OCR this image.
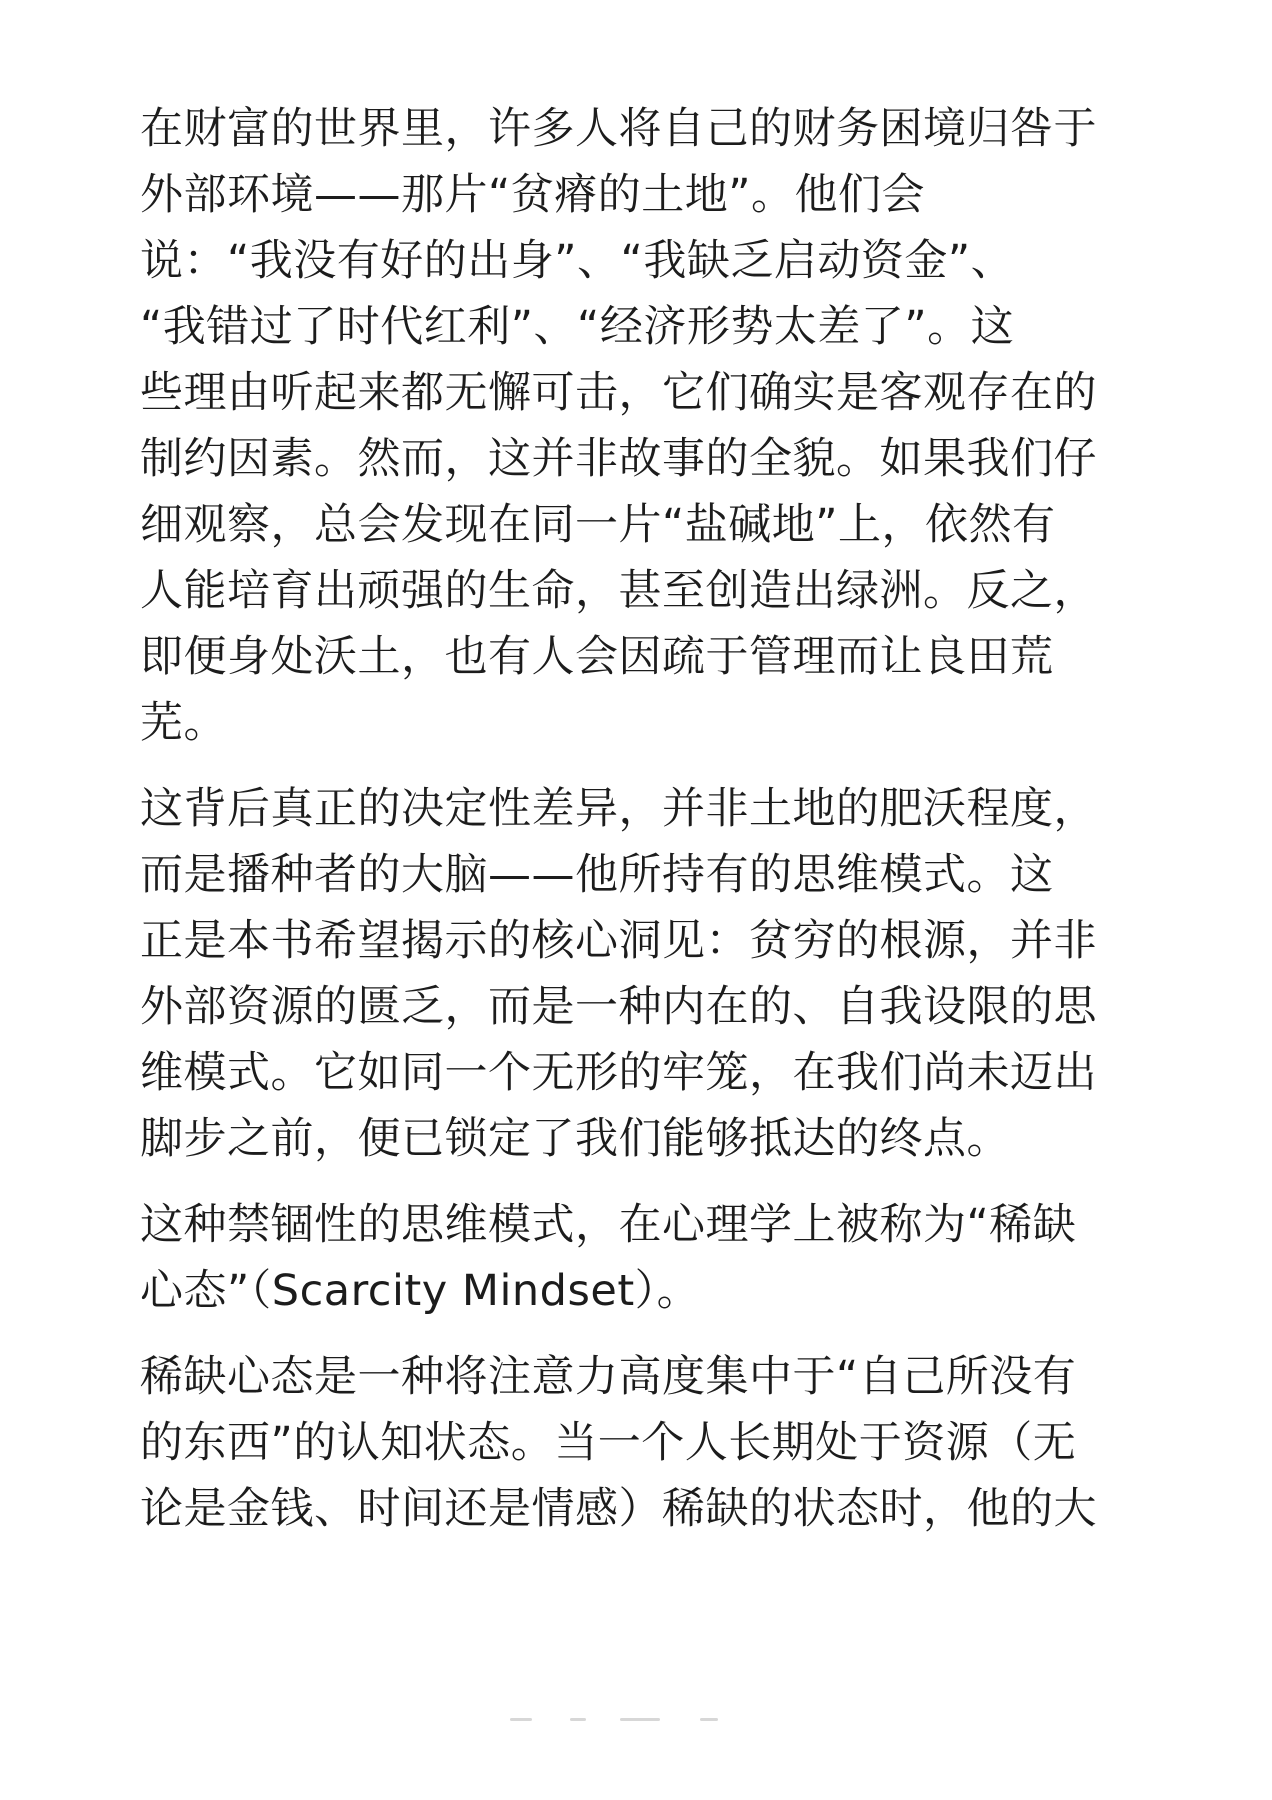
在财富的世界里，许多人将自己的财务困境归咎于
外部环境——那片“贫瘠的土地”。他们会
说：“我没有好的出身”、“我缺乏启动资金”、
“我错过了时代红利”、“经济形势太差了”。这
些理由听起来都无懈可击，它们确实是客观存在的
制约因素。然而，这并非故事的全貌。如果我们仔
细观察，总会发现在同一片“盐碱地”上，依然有
人能培育出顽强的生命，甚至创造出绿洲。反之，
即便身处沃土，也有人会因疏于管理而让良田荒
芜。

这背后真正的决定性差异，并非土地的肥沃程度，
而是播种者的大脑——他所持有的思维模式。这
正是本书希望揭示的核心洞见：贫穷的根源，并非
外部资源的匮乏，而是一种内在的、自我设限的思
维模式。它如同一个无形的牢笼，在我们尚未迈出
脚步之前，便已锁定了我们能够抵达的终点。

这种禁锢性的思维模式，在心理学上被称为“稀缺
心态”（Scarcity Mindset）。

稀缺心态是一种将注意力高度集中于“自己所没有
的东西”的认知状态。当一个人长期处于资源（无
论是金钱、时间还是情感）稀缺的状态时，他的大
